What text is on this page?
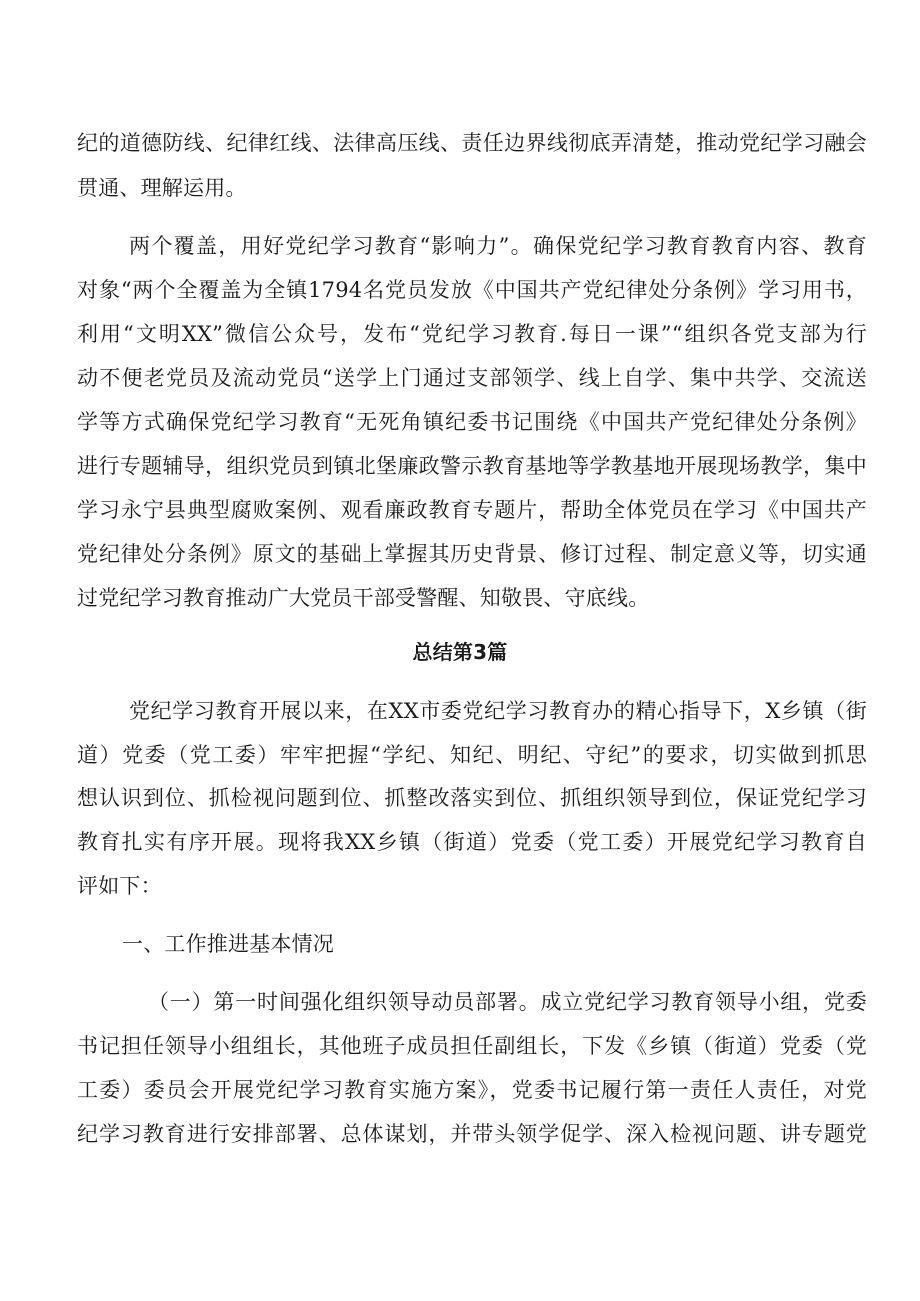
纪的道德防线、纪律红线、法律高压线、责任边界线彻底弄清楚，推动党纪学习融会
贯通、理解运用。
两个覆盖，用好党纪学习教育“影响力”。确保党纪学习教育教育内容、教育
对象“两个全覆盖为全镇1794名党员发放《中国共产党纪律处分条例》学习用书，
利用“文明XX”微信公众号，发布“党纪学习教育.每日一课”“组织各党支部为行
动不便老党员及流动党员“送学上门通过支部领学、线上自学、集中共学、交流送
学等方式确保党纪学习教育“无死角镇纪委书记围绕《中国共产党纪律处分条例》
进行专题辅导，组织党员到镇北堡廉政警示教育基地等学教基地开展现场教学，集中
学习永宁县典型腐败案例、观看廉政教育专题片，帮助全体党员在学习《中国共产
党纪律处分条例》原文的基础上掌握其历史背景、修订过程、制定意义等，切实通
过党纪学习教育推动广大党员干部受警醒、知敬畏、守底线。
总结第3篇
党纪学习教育开展以来，在XX市委党纪学习教育办的精心指导下，X乡镇（街
道）党委（党工委）牢牢把握“学纪、知纪、明纪、守纪”的要求，切实做到抓思
想认识到位、抓检视问题到位、抓整改落实到位、抓组织领导到位，保证党纪学习
教育扎实有序开展。现将我XX乡镇（街道）党委（党工委）开展党纪学习教育自
评如下：
一、工作推进基本情况
（一）第一时间强化组织领导动员部署。成立党纪学习教育领导小组，党委
书记担任领导小组组长，其他班子成员担任副组长，下发《乡镇（街道）党委（党
工委）委员会开展党纪学习教育实施方案》，党委书记履行第一责任人责任，对党
纪学习教育进行安排部署、总体谋划，并带头领学促学、深入检视问题、讲专题党
